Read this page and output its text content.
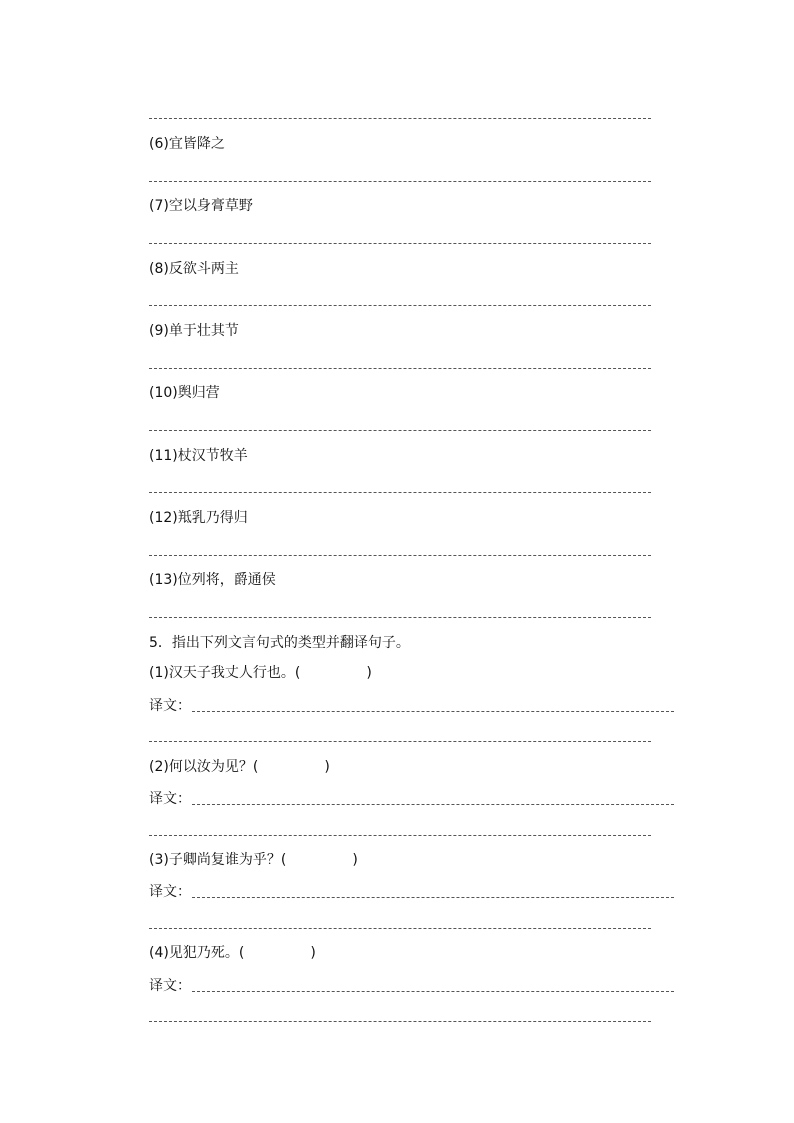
(6)宜皆降之
(7)空以身膏草野
(8)反欲斗两主
(9)单于壮其节
(10)舆归营
(11)杖汉节牧羊
(12)羝乳乃得归
(13)位列将，爵通侯
5．指出下列文言句式的类型并翻译句子。
(1)汉天子我丈人行也。(	)
译文：
(2)何以汝为见？(	)
译文：
(3)子卿尚复谁为乎？(	)
译文：
(4)见犯乃死。(	)
译文：
